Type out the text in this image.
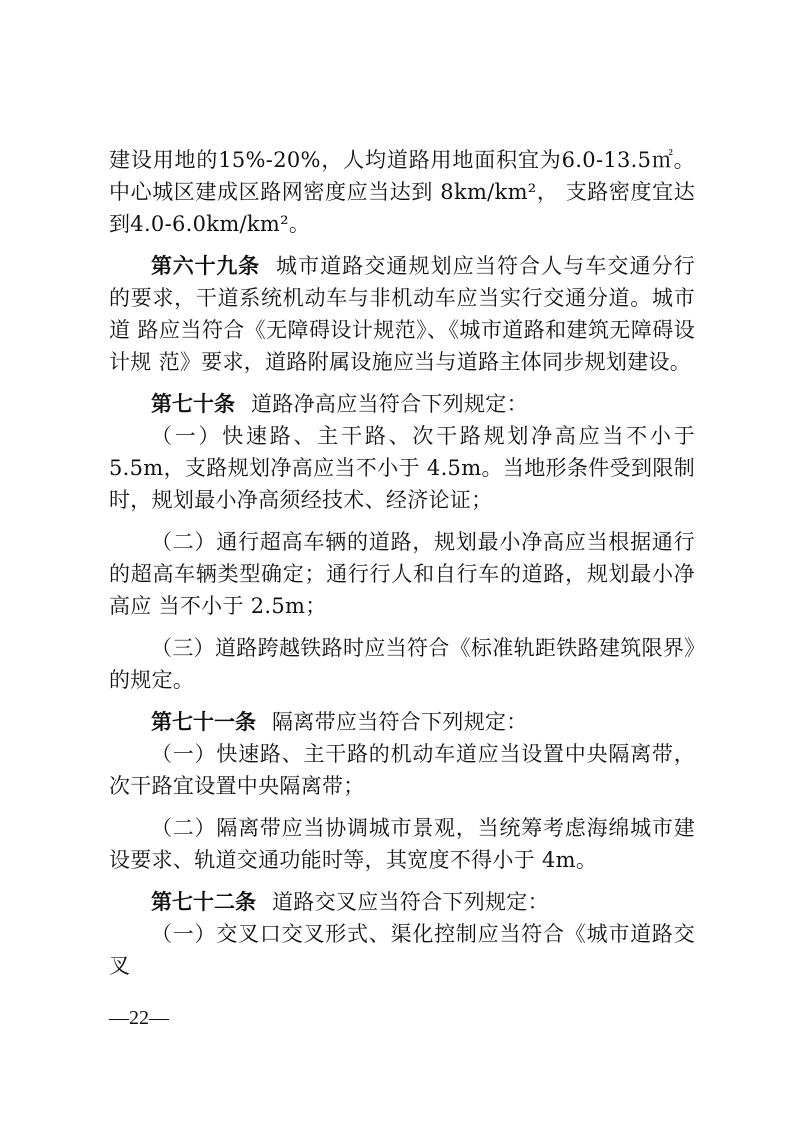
建设用地的15%-20%，人均道路用地面积宜为6.0-13.5㎡。中心城区建成区路网密度应当达到 8km/km²， 支路密度宜达到4.0-6.0km/km²。

第六十九条 城市道路交通规划应当符合人与车交通分行的要求，干道系统机动车与非机动车应当实行交通分道。城市道 路应当符合《无障碍设计规范》、《城市道路和建筑无障碍设计规 范》要求，道路附属设施应当与道路主体同步规划建设。

第七十条 道路净高应当符合下列规定：

（一）快速路、主干路、次干路规划净高应当不小于 5.5m，支路规划净高应当不小于 4.5m。当地形条件受到限制时，规划最小净高须经技术、经济论证；

（二）通行超高车辆的道路，规划最小净高应当根据通行的超高车辆类型确定；通行行人和自行车的道路，规划最小净高应 当不小于 2.5m；

（三）道路跨越铁路时应当符合《标准轨距铁路建筑限界》的规定。

第七十一条 隔离带应当符合下列规定：

（一）快速路、主干路的机动车道应当设置中央隔离带，次干路宜设置中央隔离带；

（二）隔离带应当协调城市景观，当统筹考虑海绵城市建设要求、轨道交通功能时等，其宽度不得小于 4m。

第七十二条 道路交叉应当符合下列规定：

（一）交叉口交叉形式、渠化控制应当符合《城市道路交叉

—22—
